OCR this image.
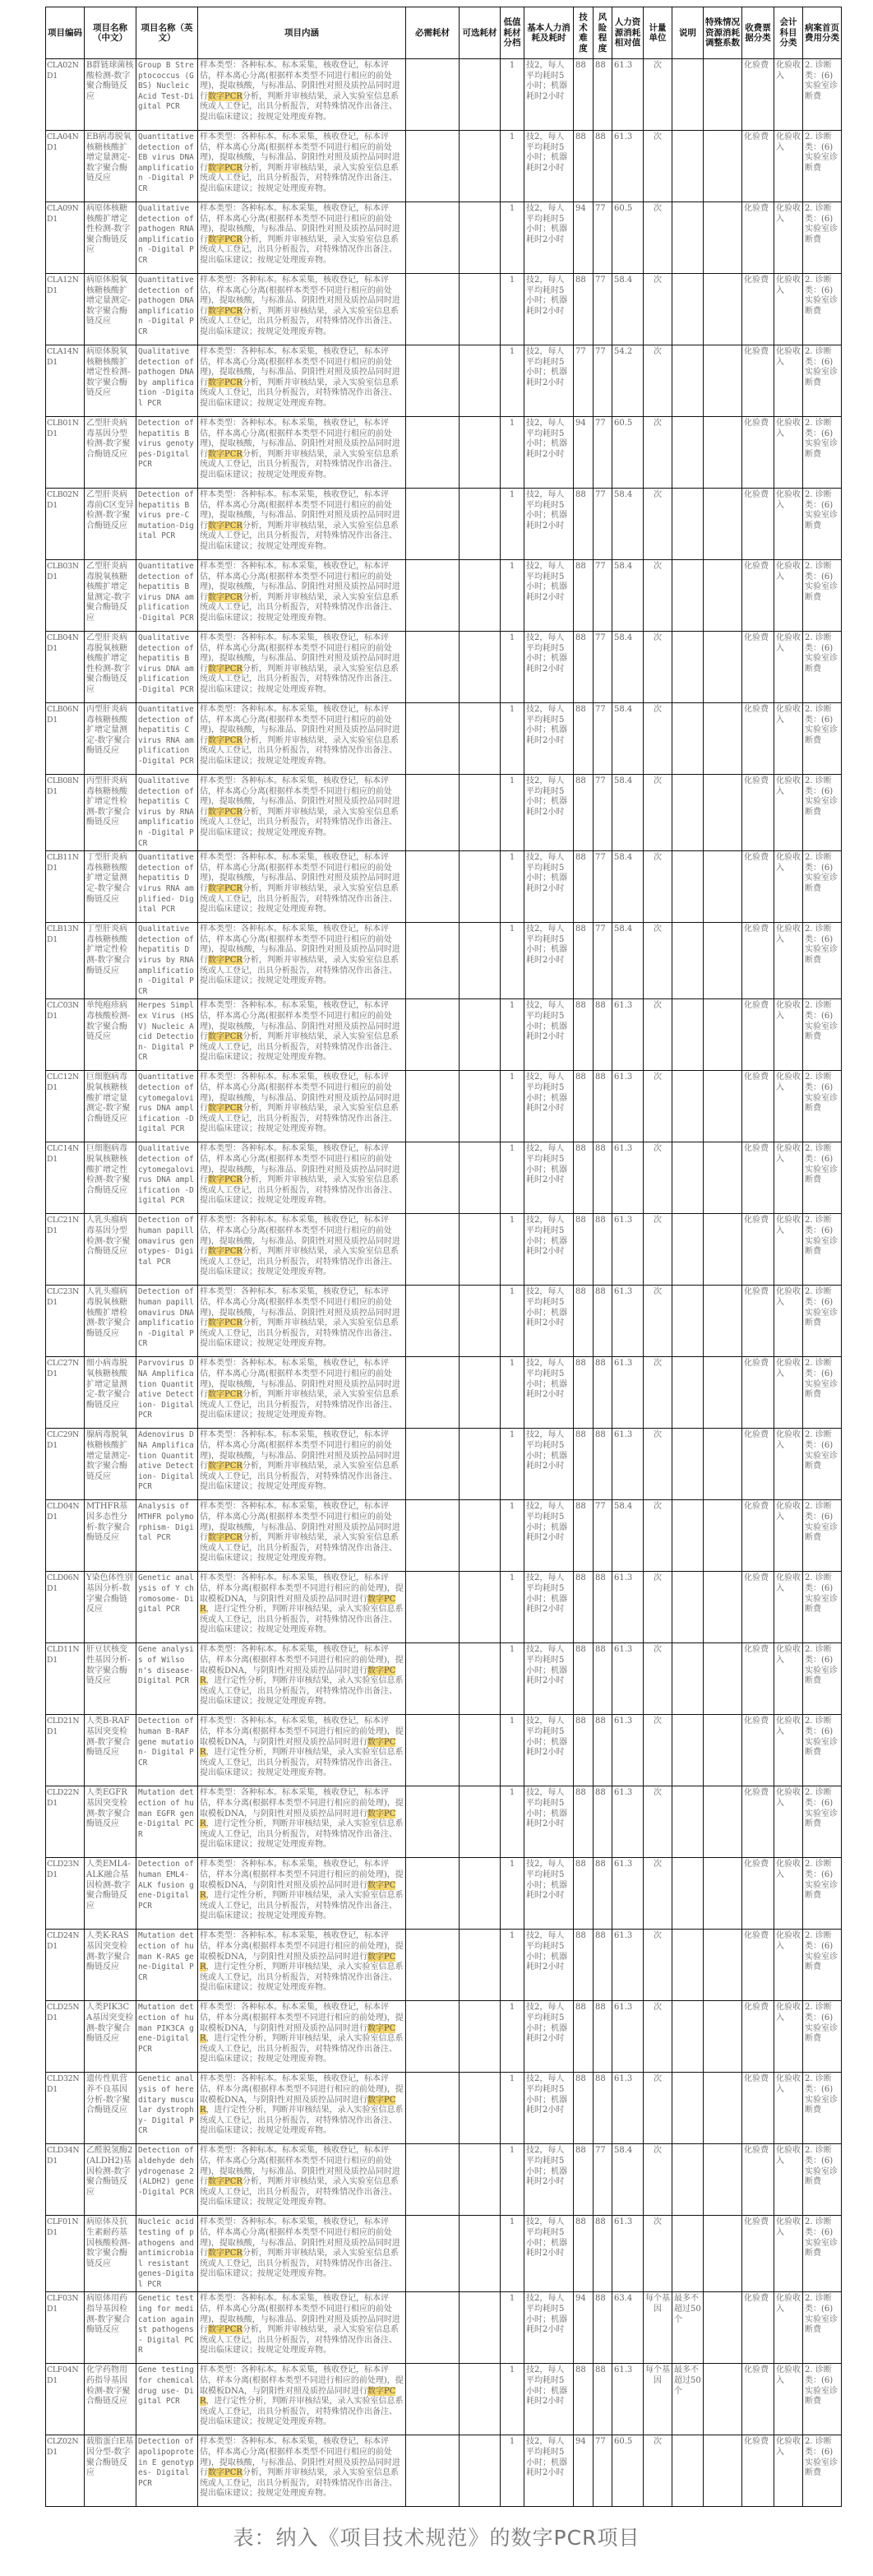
项目编码	项目名称（中文）	项目名称（英文）	项目内涵	必需耗材	可选耗材	低值耗材分档	基本人力消耗及耗时	技术难度	风险程度	人力资源消耗相对值	计量单位	说明	特殊情况资源消耗调整系数	收费票据分类	会计科目分类	病案首页费用分类
CLA02ND1	B群链球菌核酸检测-数字聚合酶链反应	Group B Streptococcus (GBS) Nucleic Acid Test-Digital PCR	样本类型：各种标本。标本采集，核收登记，标本评估，样本离心分离(根据样本类型不同进行相应的前处理)，提取核酸，与标准品、阴阳性对照及质控品同时进行数字PCR分析，判断并审核结果，录入实验室信息系统或人工登记，出具分析报告，对特殊情况作出备注、提出临床建议；按规定处理废弃物。			1	技2，每人平均耗时5小时；机器耗时2小时	88	88	61.3	次			化验费	化验收入	2. 诊断类：(6)实验室诊断费
CLA04ND1	EB病毒脱氧核糖核酸扩增定量测定-数字聚合酶链反应	Quantitative detection of EB virus DNA amplification -Digital PCR	样本类型：各种标本。标本采集，核收登记，标本评估，样本离心分离(根据样本类型不同进行相应的前处理)，提取核酸，与标准品、阴阳性对照及质控品同时进行数字PCR分析，判断并审核结果，录入实验室信息系统或人工登记，出具分析报告，对特殊情况作出备注、提出临床建议；按规定处理废弃物。			1	技2，每人平均耗时5小时；机器耗时2小时	88	88	61.3	次			化验费	化验收入	2. 诊断类：(6)实验室诊断费
CLA09ND1	病原体核糖核酸扩增定性检测-数字聚合酶链反应	Qualitative detection of pathogen RNA amplification -Digital PCR	样本类型：各种标本。标本采集，核收登记，标本评估，样本离心分离(根据样本类型不同进行相应的前处理)，提取核酸，与标准品、阴阳性对照及质控品同时进行数字PCR分析，判断并审核结果，录入实验室信息系统或人工登记，出具分析报告，对特殊情况作出备注、提出临床建议；按规定处理废弃物。			1	技2，每人平均耗时5小时；机器耗时2小时	94	77	60.5	次			化验费	化验收入	2. 诊断类：(6)实验室诊断费
CLA12ND1	病原体脱氧核糖核酸扩增定量测定-数字聚合酶链反应	Quantitative detection of pathogen DNA amplification -Digital PCR	样本类型：各种标本。标本采集，核收登记，标本评估，样本离心分离(根据样本类型不同进行相应的前处理)，提取核酸，与标准品、阴阳性对照及质控品同时进行数字PCR分析，判断并审核结果，录入实验室信息系统或人工登记，出具分析报告，对特殊情况作出备注、提出临床建议；按规定处理废弃物。			1	技2，每人平均耗时5小时；机器耗时2小时	88	77	58.4	次			化验费	化验收入	2. 诊断类：(6)实验室诊断费
CLA14ND1	病原体脱氧核糖核酸扩增定性检测-数字聚合酶链反应	Qualitative detection of pathogen DNA by amplification -Digital PCR	样本类型：各种标本。标本采集，核收登记，标本评估，样本离心分离(根据样本类型不同进行相应的前处理)，提取核酸，与标准品、阴阳性对照及质控品同时进行数字PCR分析，判断并审核结果，录入实验室信息系统或人工登记，出具分析报告，对特殊情况作出备注、提出临床建议；按规定处理废弃物。			1	技2，每人平均耗时5小时；机器耗时2小时	77	77	54.2	次			化验费	化验收入	2. 诊断类：(6)实验室诊断费
CLB01ND1	乙型肝炎病毒基因分型检测-数字聚合酶链反应	Detection of hepatitis B virus genotypes-Digital PCR	样本类型：各种标本。标本采集，核收登记，标本评估，样本离心分离(根据样本类型不同进行相应的前处理)，提取核酸，与标准品、阴阳性对照及质控品同时进行数字PCR分析，判断并审核结果，录入实验室信息系统或人工登记，出具分析报告，对特殊情况作出备注、提出临床建议；按规定处理废弃物。			1	技2，每人平均耗时5小时；机器耗时2小时	94	77	60.5	次			化验费	化验收入	2. 诊断类：(6)实验室诊断费
CLB02ND1	乙型肝炎病毒前C区变异检测-数字聚合酶链反应	Detection of hepatitis B virus pre-C mutation-Digital PCR	样本类型：各种标本。标本采集，核收登记，标本评估，样本离心分离(根据样本类型不同进行相应的前处理)，提取核酸，与标准品、阴阳性对照及质控品同时进行数字PCR分析，判断并审核结果，录入实验室信息系统或人工登记，出具分析报告，对特殊情况作出备注、提出临床建议；按规定处理废弃物。			1	技2，每人平均耗时5小时；机器耗时2小时	88	77	58.4	次			化验费	化验收入	2. 诊断类：(6)实验室诊断费
CLB03ND1	乙型肝炎病毒脱氧核糖核酸扩增定量测定-数字聚合酶链反应	Quantitative detection of hepatitis B virus DNA amplification -Digital PCR	样本类型：各种标本。标本采集，核收登记，标本评估，样本离心分离(根据样本类型不同进行相应的前处理)，提取核酸，与标准品、阴阳性对照及质控品同时进行数字PCR分析，判断并审核结果，录入实验室信息系统或人工登记，出具分析报告，对特殊情况作出备注、提出临床建议；按规定处理废弃物。			1	技2，每人平均耗时5小时；机器耗时2小时	88	77	58.4	次			化验费	化验收入	2. 诊断类：(6)实验室诊断费
CLB04ND1	乙型肝炎病毒脱氧核糖核酸扩增定性检测-数字聚合酶链反应	Qualitative detection of hepatitis B virus DNA amplification -Digital PCR	样本类型：各种标本。标本采集，核收登记，标本评估，样本离心分离(根据样本类型不同进行相应的前处理)，提取核酸，与标准品、阴阳性对照及质控品同时进行数字PCR分析，判断并审核结果，录入实验室信息系统或人工登记，出具分析报告，对特殊情况作出备注、提出临床建议；按规定处理废弃物。			1	技2，每人平均耗时5小时；机器耗时2小时	88	77	58.4	次			化验费	化验收入	2. 诊断类：(6)实验室诊断费
CLB06ND1	丙型肝炎病毒核糖核酸扩增定量测定-数字聚合酶链反应	Quantitative detection of hepatitis C virus RNA amplification -Digital PCR	样本类型：各种标本。标本采集，核收登记，标本评估，样本离心分离(根据样本类型不同进行相应的前处理)，提取核酸，与标准品、阴阳性对照及质控品同时进行数字PCR分析，判断并审核结果，录入实验室信息系统或人工登记，出具分析报告，对特殊情况作出备注、提出临床建议；按规定处理废弃物。			1	技2，每人平均耗时5小时；机器耗时2小时	88	77	58.4	次			化验费	化验收入	2. 诊断类：(6)实验室诊断费
CLB08ND1	丙型肝炎病毒核糖核酸扩增定性检测-数字聚合酶链反应	Qualitative detection of hepatitis C virus by RNA amplification -Digital PCR	样本类型：各种标本。标本采集，核收登记，标本评估，样本离心分离(根据样本类型不同进行相应的前处理)，提取核酸，与标准品、阴阳性对照及质控品同时进行数字PCR分析，判断并审核结果，录入实验室信息系统或人工登记，出具分析报告，对特殊情况作出备注、提出临床建议；按规定处理废弃物。			1	技2，每人平均耗时5小时；机器耗时2小时	88	77	58.4	次			化验费	化验收入	2. 诊断类：(6)实验室诊断费
CLB11ND1	丁型肝炎病毒核糖核酸扩增定量测定-数字聚合酶链反应	Quantitative detection of hepatitis D virus RNA amplified- Digital PCR	样本类型：各种标本。标本采集，核收登记，标本评估，样本离心分离(根据样本类型不同进行相应的前处理)，提取核酸，与标准品、阴阳性对照及质控品同时进行数字PCR分析，判断并审核结果，录入实验室信息系统或人工登记，出具分析报告，对特殊情况作出备注、提出临床建议；按规定处理废弃物。			1	技2，每人平均耗时5小时；机器耗时2小时	88	77	58.4	次			化验费	化验收入	2. 诊断类：(6)实验室诊断费
CLB13ND1	丁型肝炎病毒核糖核酸扩增定性检测-数字聚合酶链反应	Qualitative detection of hepatitis D virus by RNA amplification -Digital PCR	样本类型：各种标本。标本采集，核收登记，标本评估，样本离心分离(根据样本类型不同进行相应的前处理)，提取核酸，与标准品、阴阳性对照及质控品同时进行数字PCR分析，判断并审核结果，录入实验室信息系统或人工登记，出具分析报告，对特殊情况作出备注、提出临床建议；按规定处理废弃物。			1	技2，每人平均耗时5小时；机器耗时2小时	88	77	58.4	次			化验费	化验收入	2. 诊断类：(6)实验室诊断费
CLC03ND1	单纯疱疹病毒核酸检测-数字聚合酶链反应	Herpes Simplex Virus (HSV) Nucleic Acid Detection- Digital PCR	样本类型：各种标本。标本采集，核收登记，标本评估，样本离心分离(根据样本类型不同进行相应的前处理)，提取核酸，与标准品、阴阳性对照及质控品同时进行数字PCR分析，判断并审核结果，录入实验室信息系统或人工登记，出具分析报告，对特殊情况作出备注、提出临床建议；按规定处理废弃物。			1	技2，每人平均耗时5小时；机器耗时2小时	88	88	61.3	次			化验费	化验收入	2. 诊断类：(6)实验室诊断费
CLC12ND1	巨细胞病毒脱氧核糖核酸扩增定量测定-数字聚合酶链反应	Quantitative detection of cytomegalovirus DNA amplification -Digital PCR	样本类型：各种标本。标本采集，核收登记，标本评估，样本离心分离(根据样本类型不同进行相应的前处理)，提取核酸，与标准品、阴阳性对照及质控品同时进行数字PCR分析，判断并审核结果，录入实验室信息系统或人工登记，出具分析报告，对特殊情况作出备注、提出临床建议；按规定处理废弃物。			1	技2，每人平均耗时5小时；机器耗时2小时	88	88	61.3	次			化验费	化验收入	2. 诊断类：(6)实验室诊断费
CLC14ND1	巨细胞病毒脱氧核糖核酸扩增定性检测-数字聚合酶链反应	Qualitative detection of cytomegalovirus DNA amplification -Digital PCR	样本类型：各种标本。标本采集，核收登记，标本评估，样本离心分离(根据样本类型不同进行相应的前处理)，提取核酸，与标准品、阴阳性对照及质控品同时进行数字PCR分析，判断并审核结果，录入实验室信息系统或人工登记，出具分析报告，对特殊情况作出备注、提出临床建议；按规定处理废弃物。			1	技2，每人平均耗时5小时；机器耗时2小时	88	88	61.3	次			化验费	化验收入	2. 诊断类：(6)实验室诊断费
CLC21ND1	人乳头瘤病毒基因分型检测-数字聚合酶链反应	Detection of human papillomavirus genotypes- Digital PCR	样本类型：各种标本。标本采集，核收登记，标本评估，样本离心分离(根据样本类型不同进行相应的前处理)，提取核酸，与标准品、阴阳性对照及质控品同时进行数字PCR分析，判断并审核结果，录入实验室信息系统或人工登记，出具分析报告，对特殊情况作出备注、提出临床建议；按规定处理废弃物。			1	技2，每人平均耗时5小时；机器耗时2小时	88	88	61.3	次			化验费	化验收入	2. 诊断类：(6)实验室诊断费
CLC23ND1	人乳头瘤病毒脱氧核糖核酸扩增检测-数字聚合酶链反应	Detection of human papillomavirus DNA amplification -Digital PCR	样本类型：各种标本。标本采集，核收登记，标本评估，样本离心分离(根据样本类型不同进行相应的前处理)，提取核酸，与标准品、阴阳性对照及质控品同时进行数字PCR分析，判断并审核结果，录入实验室信息系统或人工登记，出具分析报告，对特殊情况作出备注、提出临床建议；按规定处理废弃物。			1	技2，每人平均耗时5小时；机器耗时2小时	88	88	61.3	次			化验费	化验收入	2. 诊断类：(6)实验室诊断费
CLC27ND1	细小病毒脱氧核糖核酸扩增定量测定-数字聚合酶链反应	Parvovirus DNA Amplification Quantitative Detection- Digital PCR	样本类型：各种标本。标本采集，核收登记，标本评估，样本离心分离(根据样本类型不同进行相应的前处理)，提取核酸，与标准品、阴阳性对照及质控品同时进行数字PCR分析，判断并审核结果，录入实验室信息系统或人工登记，出具分析报告，对特殊情况作出备注、提出临床建议；按规定处理废弃物。			1	技2，每人平均耗时5小时；机器耗时2小时	88	88	61.3	次			化验费	化验收入	2. 诊断类：(6)实验室诊断费
CLC29ND1	腺病毒脱氧核糖核酸扩增定量测定-数字聚合酶链反应	Adenovirus DNA Amplification Quantitative Detection- Digital PCR	样本类型：各种标本。标本采集，核收登记，标本评估，样本离心分离(根据样本类型不同进行相应的前处理)，提取核酸，与标准品、阴阳性对照及质控品同时进行数字PCR分析，判断并审核结果，录入实验室信息系统或人工登记，出具分析报告，对特殊情况作出备注、提出临床建议；按规定处理废弃物。			1	技2，每人平均耗时5小时；机器耗时2小时	88	88	61.3	次			化验费	化验收入	2. 诊断类：(6)实验室诊断费
CLD04ND1	MTHFR基因多态性分析-数字聚合酶链反应	Analysis of MTHFR polymorphism- Digital PCR	样本类型：各种标本。标本采集，核收登记，标本评估，样本离心分离(根据样本类型不同进行相应的前处理)，提取核酸，与标准品、阴阳性对照及质控品同时进行数字PCR分析，判断并审核结果，录入实验室信息系统或人工登记，出具分析报告，对特殊情况作出备注、提出临床建议；按规定处理废弃物。			1	技2，每人平均耗时5小时；机器耗时2小时	88	77	58.4	次			化验费	化验收入	2. 诊断类：(6)实验室诊断费
CLD06ND1	Y染色体性别基因分析-数字聚合酶链反应	Genetic analysis of Y chromosome- Digital PCR	样本类型：各种标本。标本采集，核收登记，标本评估，样本分离(根据样本类型不同进行相应的前处理)，提取模板DNA，与阴阳性对照及质控品同时进行数字PCR，进行定性分析，判断并审核结果，录入实验室信息系统或人工登记，出具分析报告，对特殊情况作出备注、提出临床建议；按规定处理废弃物。			1	技2，每人平均耗时5小时；机器耗时2小时	88	88	61.3	次			化验费	化验收入	2. 诊断类：(6)实验室诊断费
CLD11ND1	肝豆状核变性基因分析-数字聚合酶链反应	Gene analysis of Wilson's disease- Digital PCR	样本类型：各种标本。标本采集，核收登记，标本评估，样本分离(根据样本类型不同进行相应的前处理)，提取模板DNA，与阴阳性对照及质控品同时进行数字PCR，进行定性分析，判断并审核结果，录入实验室信息系统或人工登记，出具分析报告，对特殊情况作出备注、提出临床建议；按规定处理废弃物。			1	技2，每人平均耗时5小时；机器耗时2小时	88	88	61.3	次			化验费	化验收入	2. 诊断类：(6)实验室诊断费
CLD21ND1	人类B-RAF基因突变检测-数字聚合酶链反应	Detection of human B-RAF gene mutation- Digital PCR	样本类型：各种标本。标本采集，核收登记，标本评估，样本分离(根据样本类型不同进行相应的前处理)，提取模板DNA，与阴阳性对照及质控品同时进行数字PCR，进行定性分析，判断并审核结果，录入实验室信息系统或人工登记，出具分析报告，对特殊情况作出备注、提出临床建议；按规定处理废弃物。			1	技2，每人平均耗时5小时；机器耗时2小时	88	88	61.3	次			化验费	化验收入	2. 诊断类：(6)实验室诊断费
CLD22ND1	人类EGFR基因突变检测-数字聚合酶链反应	Mutation detection of human EGFR gene-Digital PCR	样本类型：各种标本。标本采集，核收登记，标本评估，样本分离(根据样本类型不同进行相应的前处理)，提取模板DNA，与阴阳性对照及质控品同时进行数字PCR，进行定性分析，判断并审核结果，录入实验室信息系统或人工登记，出具分析报告，对特殊情况作出备注、提出临床建议；按规定处理废弃物。			1	技2，每人平均耗时5小时；机器耗时2小时	88	88	61.3	次			化验费	化验收入	2. 诊断类：(6)实验室诊断费
CLD23ND1	人类EML4-ALK融合基因检测-数字聚合酶链反应	Detection of human EML4- ALK fusion gene-Digital PCR	样本类型：各种标本。标本采集，核收登记，标本评估，样本分离(根据样本类型不同进行相应的前处理)，提取模板DNA，与阴阳性对照及质控品同时进行数字PCR，进行定性分析，判断并审核结果，录入实验室信息系统或人工登记，出具分析报告，对特殊情况作出备注、提出临床建议；按规定处理废弃物。			1	技2，每人平均耗时5小时；机器耗时2小时	88	88	61.3	次			化验费	化验收入	2. 诊断类：(6)实验室诊断费
CLD24ND1	人类K-RAS基因突变检测-数字聚合酶链反应	Mutation detection of human K-RAS gene-Digital PCR	样本类型：各种标本。标本采集，核收登记，标本评估，样本分离(根据样本类型不同进行相应的前处理)，提取模板DNA，与阴阳性对照及质控品同时进行数字PCR，进行定性分析，判断并审核结果，录入实验室信息系统或人工登记，出具分析报告，对特殊情况作出备注、提出临床建议；按规定处理废弃物。			1	技2，每人平均耗时5小时；机器耗时2小时	88	88	61.3	次			化验费	化验收入	2. 诊断类：(6)实验室诊断费
CLD25ND1	人类PIK3CA基因突变检测-数字聚合酶链反应	Mutation detection of human PIK3CA gene-Digital PCR	样本类型：各种标本。标本采集，核收登记，标本评估，样本分离(根据样本类型不同进行相应的前处理)，提取模板DNA，与阴阳性对照及质控品同时进行数字PCR，进行定性分析，判断并审核结果，录入实验室信息系统或人工登记，出具分析报告，对特殊情况作出备注、提出临床建议；按规定处理废弃物。			1	技2，每人平均耗时5小时；机器耗时2小时	88	88	61.3	次			化验费	化验收入	2. 诊断类：(6)实验室诊断费
CLD32ND1	遗传性肌营养不良基因分析-数字聚合酶链反应	Genetic analysis of hereditary muscular dystrophy- Digital PCR	样本类型：各种标本。标本采集，核收登记，标本评估，样本分离(根据样本类型不同进行相应的前处理)，提取模板DNA，与阴阳性对照及质控品同时进行数字PCR，进行定性分析，判断并审核结果，录入实验室信息系统或人工登记，出具分析报告，对特殊情况作出备注、提出临床建议；按规定处理废弃物。			1	技2，每人平均耗时5小时；机器耗时2小时	88	88	61.3	次			化验费	化验收入	2. 诊断类：(6)实验室诊断费
CLD34ND1	乙醛脱氢酶2(ALDH2)基因检测-数字聚合酶链反应	Detection of aldehyde dehydrogenase 2 (ALDH2) gene-Digital PCR	样本类型：各种标本。标本采集，核收登记，标本评估，样本离心分离(根据样本类型不同进行相应的前处理)，提取核酸，与标准品、阴阳性对照及质控品同时进行数字PCR分析，判断并审核结果，录入实验室信息系统或人工登记，出具分析报告，对特殊情况作出备注、提出临床建议；按规定处理废弃物。			1	技2，每人平均耗时5小时；机器耗时2小时	88	77	58.4	次			化验费	化验收入	2. 诊断类：(6)实验室诊断费
CLF01ND1	病原体及抗生素耐药基因核酸检测-数字聚合酶链反应	Nucleic acid testing of pathogens and antimicrobial resistant genes-Digital PCR	样本类型：各种标本。标本采集，核收登记，标本评估，样本离心分离(根据样本类型不同进行相应的前处理)，提取核酸，与标准品、阴阳性对照及质控品同时进行数字PCR分析，判断并审核结果，录入实验室信息系统或人工登记，出具分析报告，对特殊情况作出备注、提出临床建议；按规定处理废弃物。			1	技2，每人平均耗时5小时；机器耗时2小时	88	88	61.3	次			化验费	化验收入	2. 诊断类：(6)实验室诊断费
CLF03ND1	病原体用药指导基因检测-数字聚合酶链反应	Genetic testing for medication against pathogens- Digital PCR	样本类型：各种标本。标本采集，核收登记，标本评估，样本离心分离(根据样本类型不同进行相应的前处理)，提取核酸，与标准品、阴阳性对照及质控品同时进行数字PCR分析，判断并审核结果，录入实验室信息系统或人工登记，出具分析报告，对特殊情况作出备注、提出临床建议；按规定处理废弃物。			1	技2，每人平均耗时5小时；机器耗时2小时	94	88	63.4	每个基因	最多不超过50个		化验费	化验收入	2. 诊断类：(6)实验室诊断费
CLF04ND1	化学药物用药指导基因检测-数字聚合酶链反应	Gene testing for chemical drug use- Digital PCR	样本类型：各种标本。标本采集，核收登记，标本评估，样本分离(根据样本类型不同进行相应的前处理)，提取模板DNA，与阴阳性对照及质控品同时进行数字PCR，进行定性分析，判断并审核结果，录入实验室信息系统或人工登记，出具分析报告，对特殊情况作出备注、提出临床建议；按规定处理废弃物。			1	技2，每人平均耗时5小时；机器耗时2小时	88	88	61.3	每个基因	最多不超过50个		化验费	化验收入	2. 诊断类：(6)实验室诊断费
CLZ02ND1	载脂蛋白E基因分型-数字聚合酶链反应	Detection of apolipoprotein E genotypes- Digital PCR	样本类型：各种标本。标本采集，核收登记，标本评估，样本离心分离(根据样本类型不同进行相应的前处理)，提取核酸，与标准品、阴阳性对照及质控品同时进行数字PCR分析，判断并审核结果，录入实验室信息系统或人工登记，出具分析报告，对特殊情况作出备注、提出临床建议；按规定处理废弃物。			1	技2，每人平均耗时5小时；机器耗时2小时	94	77	60.5	次			化验费	化验收入	2. 诊断类：(6)实验室诊断费
表：纳入《项目技术规范》的数字PCR项目
